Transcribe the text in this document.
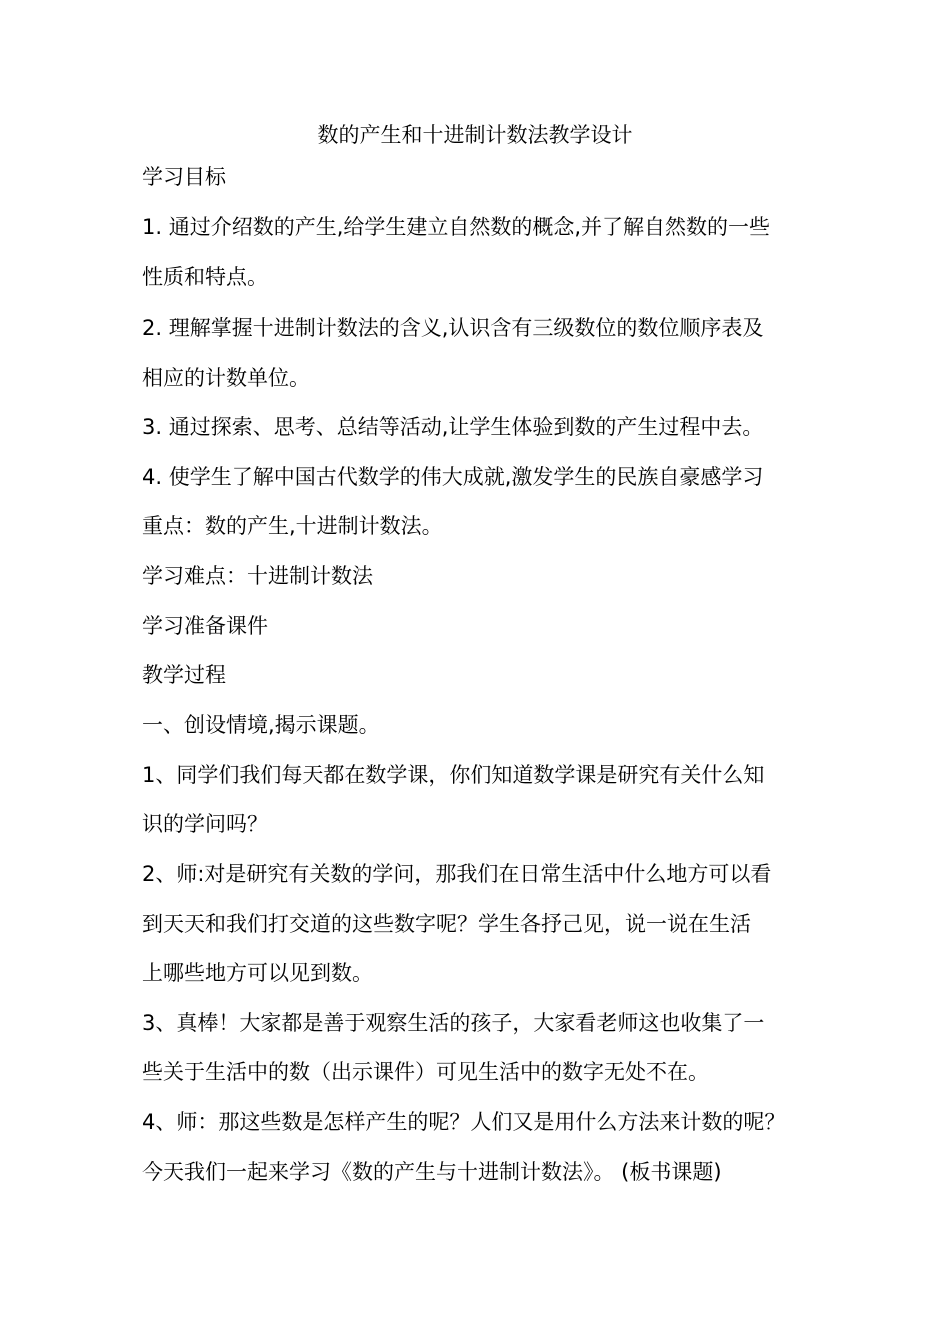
数的产生和十进制计数法教学设计
学习目标
1. 通过介绍数的产生,给学生建立自然数的概念,并了解自然数的一些
性质和特点。
2. 理解掌握十进制计数法的含义,认识含有三级数位的数位顺序表及
相应的计数单位。
3. 通过探索、思考、总结等活动,让学生体验到数的产生过程中去。
4. 使学生了解中国古代数学的伟大成就,激发学生的民族自豪感学习
重点：数的产生,十进制计数法。
学习难点：十进制计数法
学习准备课件
教学过程
一、创设情境,揭示课题。
1、同学们我们每天都在数学课，你们知道数学课是研究有关什么知
识的学问吗？
2、师:对是研究有关数的学问，那我们在日常生活中什么地方可以看
到天天和我们打交道的这些数字呢？学生各抒己见，说一说在生活
上哪些地方可以见到数。
3、真棒！大家都是善于观察生活的孩子，大家看老师这也收集了一
些关于生活中的数（出示课件）可见生活中的数字无处不在。
4、师：那这些数是怎样产生的呢？人们又是用什么方法来计数的呢？
今天我们一起来学习《数的产生与十进制计数法》。 (板书课题)
